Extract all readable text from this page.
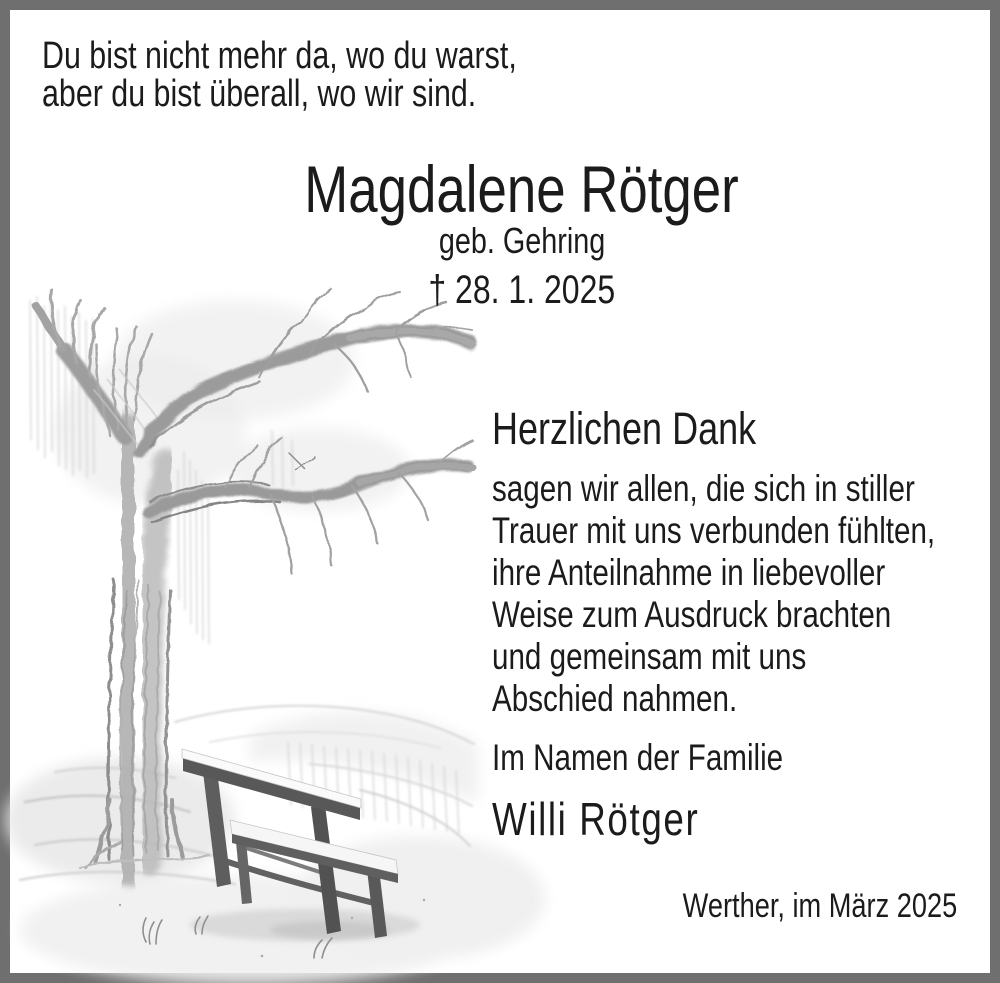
Du bist nicht mehr da, wo du warst,
aber du bist überall, wo wir sind.
Magdalene Rötger
geb. Gehring
† 28. 1. 2025
Herzlichen Dank
sagen wir allen, die sich in stiller
Trauer mit uns verbunden fühlten,
ihre Anteilnahme in liebevoller
Weise zum Ausdruck brachten
und gemeinsam mit uns
Abschied nahmen.
Im Namen der Familie
Willi Rötger
Werther, im März 2025
